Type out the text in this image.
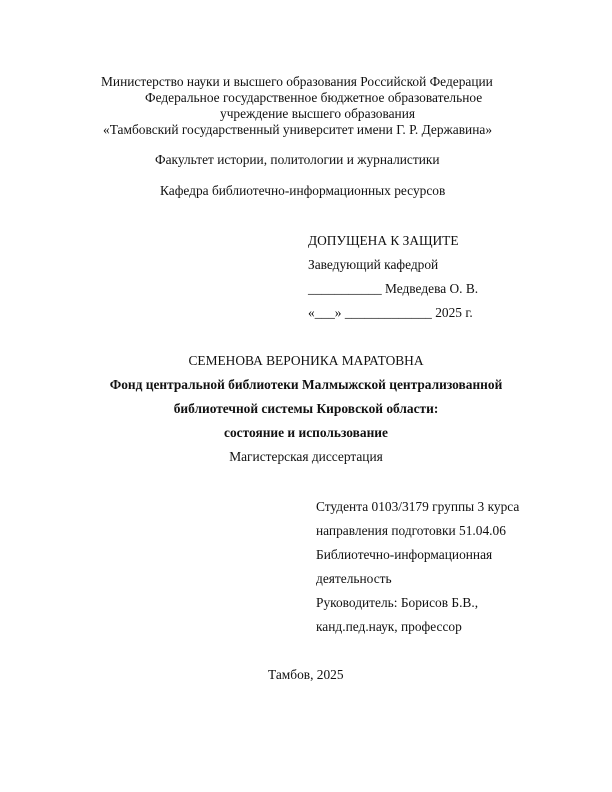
Министерство науки и высшего образования Российской Федерации
Федеральное государственное бюджетное образовательное
учреждение высшего образования
«Тамбовский государственный университет имени Г. Р. Державина»
Факультет истории, политологии и журналистики
Кафедра библиотечно-информационных ресурсов
ДОПУЩЕНА К ЗАЩИТЕ
Заведующий кафедрой
___________ Медведева О. В.
«___» _____________ 2025 г.
СЕМЕНОВА ВЕРОНИКА МАРАТОВНА
Фонд центральной библиотеки Малмыжской централизованной
библиотечной системы Кировской области:
состояние и использование
Магистерская диссертация
Студента 0103/3179 группы 3 курса
направления подготовки 51.04.06
Библиотечно-информационная
деятельность
Руководитель: Борисов Б.В.,
канд.пед.наук, профессор
Тамбов, 2025
